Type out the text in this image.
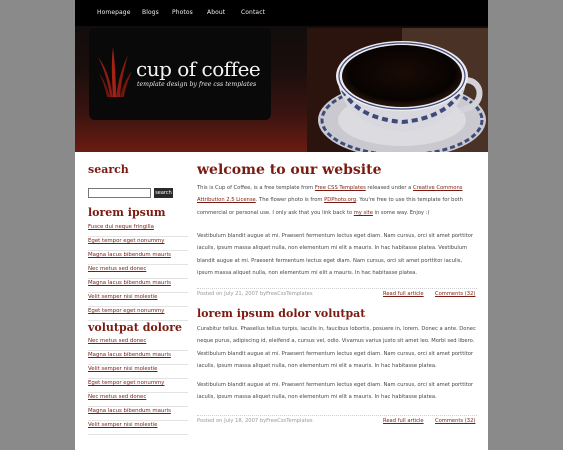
Homepage Blogs Photos About	Contact
cup of coffee
template design by free css templates
search
search
lorem ipsum
Fusce dui neque fringilla
Eget tempor eget nonummy
Magna lacus bibendum mauris
Nec metus sed donec
Magna lacus bibendum mauris
Velit semper nisi molestie
Eget tempor eget nonummy
volutpat dolore
Nec metus sed donec
Magna lacus bibendum mauris
Velit semper nisi molestie
Eget tempor eget nonummy
Nec metus sed donec
Magna lacus bibendum mauris
Velit semper nisi molestie
welcome to our website

This is Cup of Coffee, is a free template from Free CSS Templates released under a Creative Commons Attribution 2.5 License. The flower photo is from PDPhoto.org. You're free to use this template for both commercial or personal use. I only ask that you link back to my site in some way. Enjoy :)

Vestibulum blandit augue at mi. Praesent fermentum lectus eget diam. Nam cursus, orci sit amet porttitor iaculis, ipsum massa aliquet nulla, non elementum mi elit a mauris. In hac habitasse platea. Vestibulum blandit augue at mi. Praesent fermentum lectus eget diam. Nam cursus, orci sit amet porttitor iaculis, ipsum massa aliquet nulla, non elementum mi elit a mauris. In hac habitasse platea.

Posted on July 21, 2007 byFreeCssTemplates	Read full article Comments (32)
lorem ipsum dolor volutpat

Curabitur tellus. Phasellus tellus turpis, iaculis in, faucibus lobortis, posuere in, lorem. Donec a ante. Donec neque purus, adipiscing id, eleifend a, cursus vel, odio. Vivamus varius justo sit amet leo. Morbi sed libero. Vestibulum blandit augue at mi. Praesent fermentum lectus eget diam. Nam cursus, orci sit amet porttitor iaculis, ipsum massa aliquet nulla, non elementum mi elit a mauris. In hac habitasse platea.

Vestibulum blandit augue at mi. Praesent fermentum lectus eget diam. Nam cursus, orci sit amet porttitor iaculis, ipsum massa aliquet nulla, non elementum mi elit a mauris. In hac habitasse platea.

Posted on July 18, 2007 byFreeCssTemplates	Read full article Comments (32)
